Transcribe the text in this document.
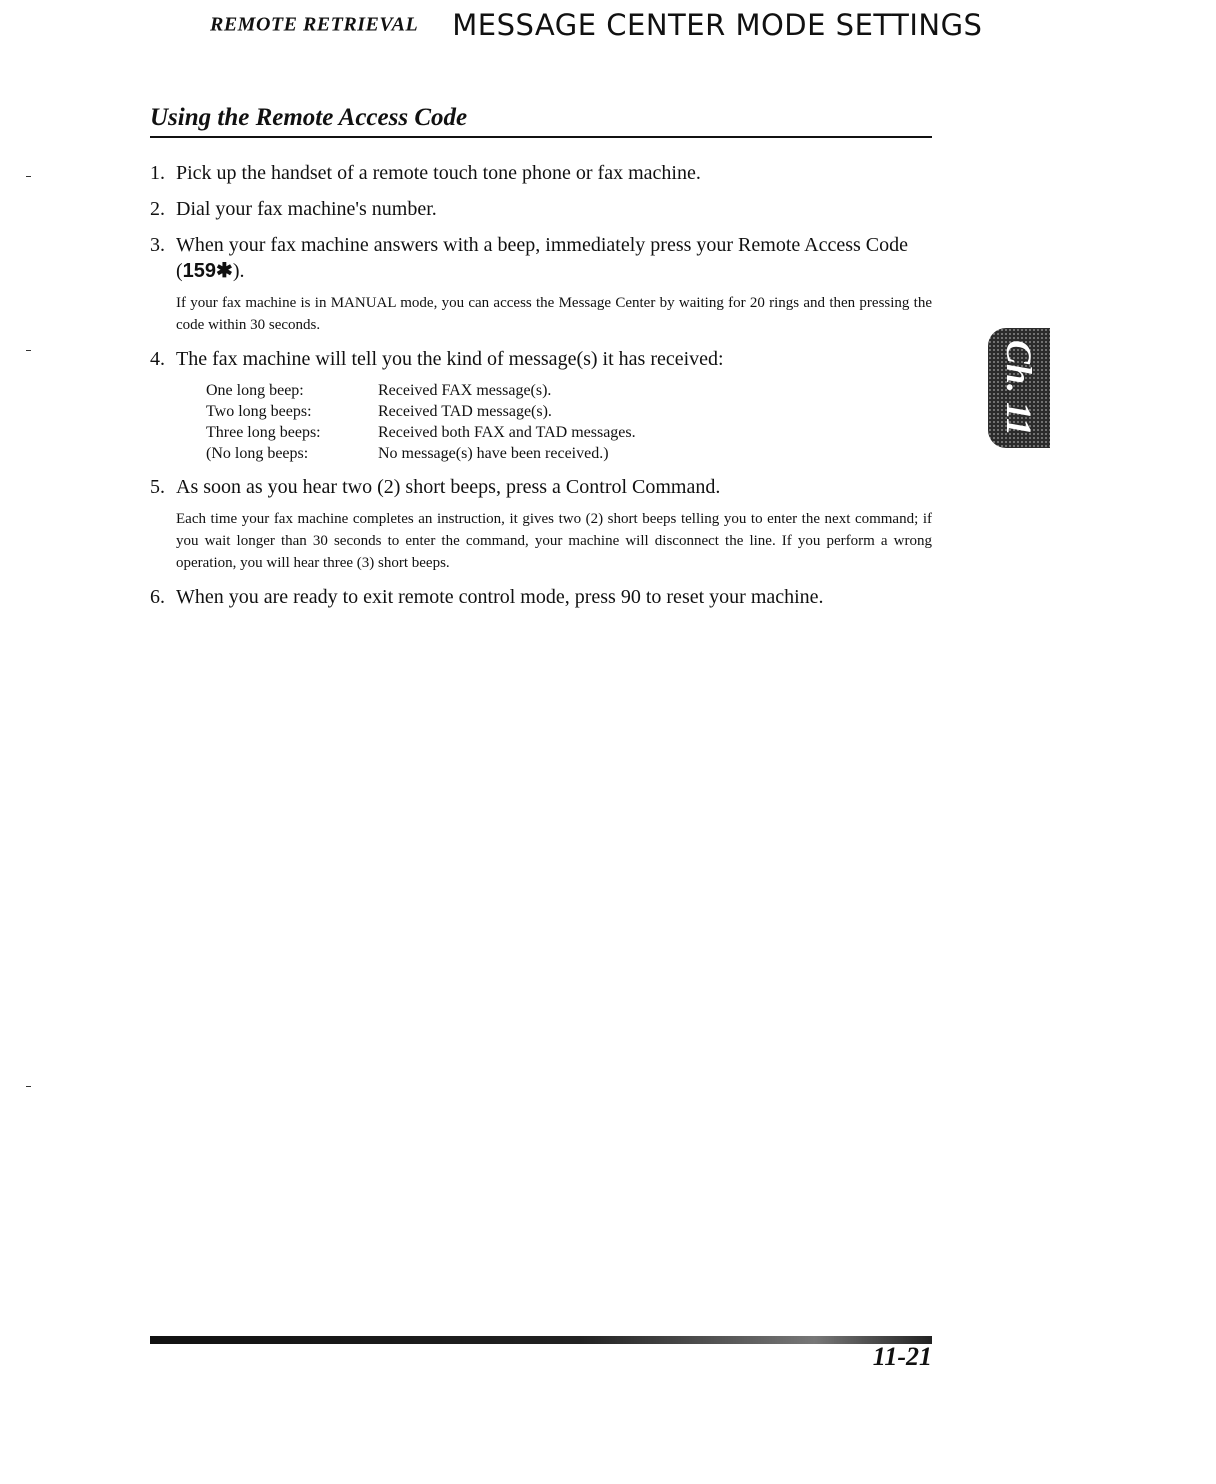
REMOTE RETRIEVAL MESSAGE CENTER MODE SETTINGS
Using the Remote Access Code
1. Pick up the handset of a remote touch tone phone or fax machine.
2. Dial your fax machine's number.
3. When your fax machine answers with a beep, immediately press your Remote Access Code (159✱).
If your fax machine is in MANUAL mode, you can access the Message Center by waiting for 20 rings and then pressing the code within 30 seconds.
4. The fax machine will tell you the kind of message(s) it has received:
One long beep:	Received FAX message(s).
Two long beeps:	Received TAD message(s).
Three long beeps:	Received both FAX and TAD messages.
(No long beeps:	No message(s) have been received.)
5. As soon as you hear two (2) short beeps, press a Control Command.
Each time your fax machine completes an instruction, it gives two (2) short beeps telling you to enter the next command; if you wait longer than 30 seconds to enter the command, your machine will disconnect the line. If you perform a wrong operation, you will hear three (3) short beeps.
6. When you are ready to exit remote control mode, press 90 to reset your machine.
Ch. 11
11-21
